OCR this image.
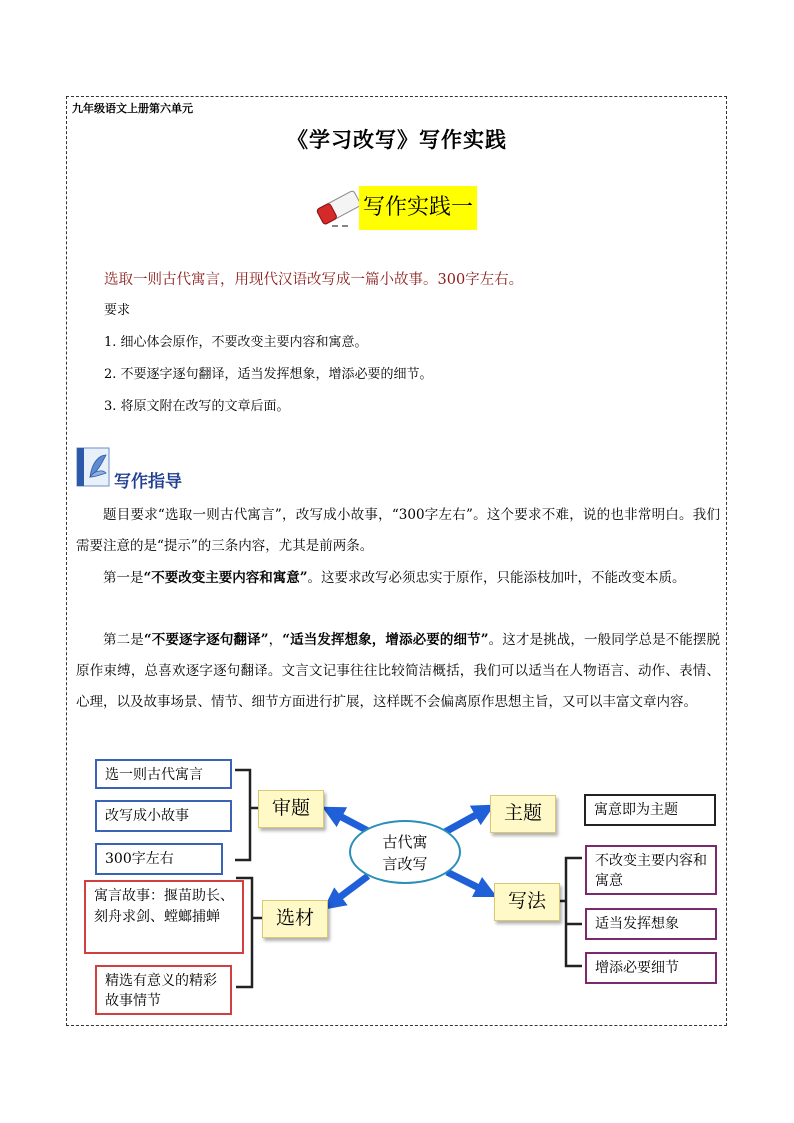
九年级语文上册第六单元
《学习改写》写作实践
写作实践一
选取一则古代寓言，用现代汉语改写成一篇小故事。300字左右。
要求
1. 细心体会原作，不要改变主要内容和寓意。
2. 不要逐字逐句翻译，适当发挥想象，增添必要的细节。
3. 将原文附在改写的文章后面。
写作指导

题目要求“选取一则古代寓言”，改写成小故事，“300字左右”。这个要求不难，说的也非常明白。我们需要注意的是“提示”的三条内容，尤其是前两条。

第一是“不要改变主要内容和寓意”。这要求改写必须忠实于原作，只能添枝加叶，不能改变本质。

第二是“不要逐字逐句翻译”，“适当发挥想象，增添必要的细节”。这才是挑战，一般同学总是不能摆脱原作束缚，总喜欢逐字逐句翻译。文言文记事往往比较简洁概括，我们可以适当在人物语言、动作、表情、心理，以及故事场景、情节、细节方面进行扩展，这样既不会偏离原作思想主旨，又可以丰富文章内容。

古代寓
言改写
审题
选材
主题
写法
选一则古代寓言
改写成小故事
300字左右
寓言故事：揠苗助长、刻舟求剑、螳螂捕蝉
精选有意义的精彩故事情节
寓意即为主题
不改变主要内容和寓意
适当发挥想象
增添必要细节
